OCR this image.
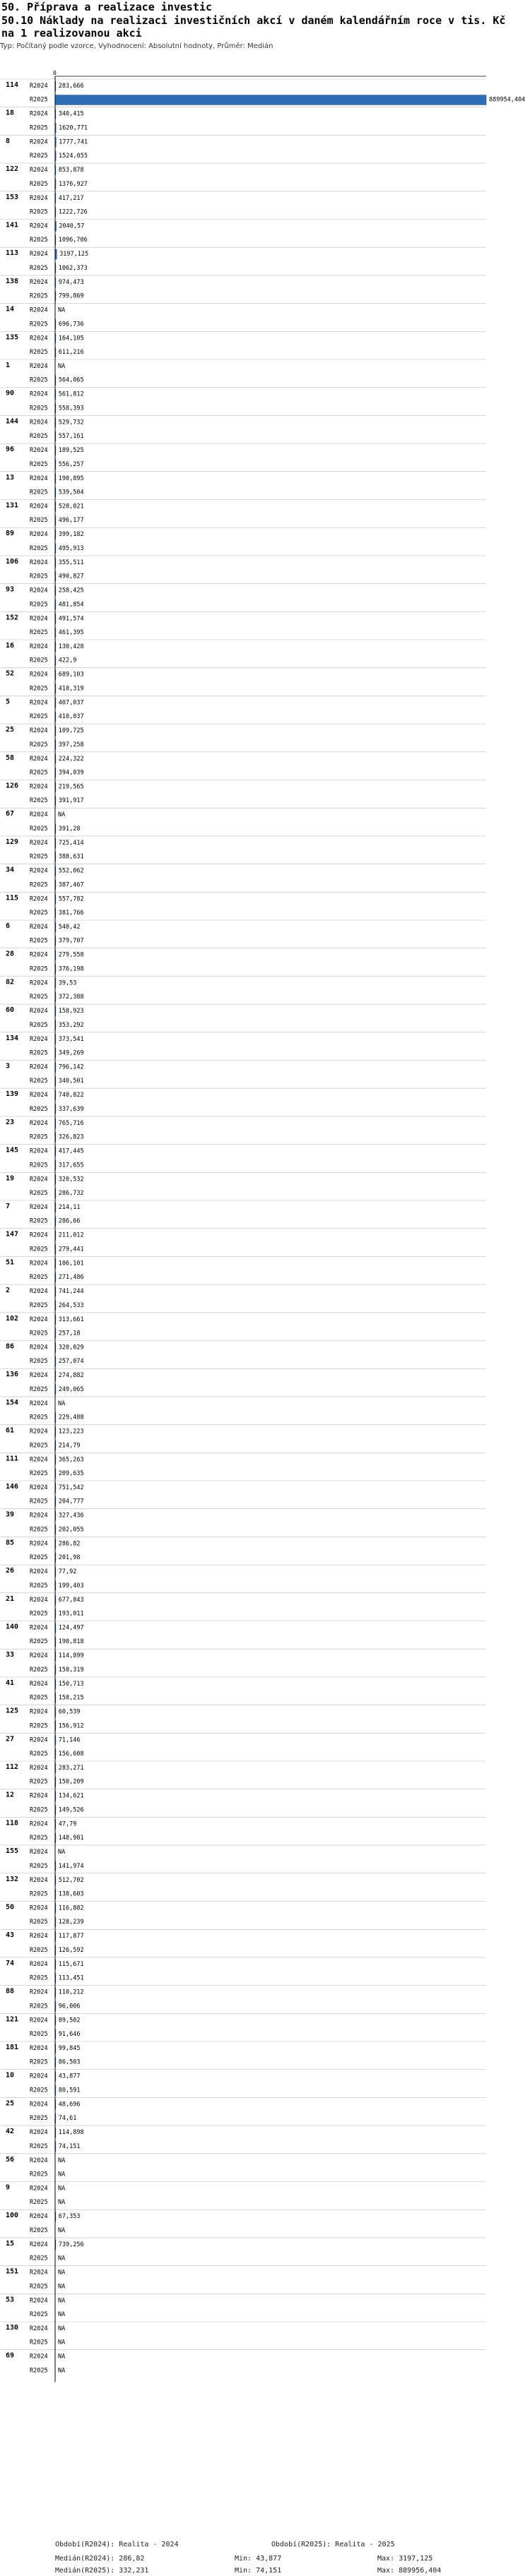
50. Příprava a realizace investic
50.10 Náklady na realizaci investičních akcí v daném kalendářním roce v tis. Kč na 1 realizovanou akci
Typ: Počítaný podle vzorce, Vyhodnocení: Absolutní hodnoty, Průměr: Medián
0
114 R2024 283,666
R2025	889954,404
18	R2024 340,415
R2025 1620,771
8	R2024 1777,741
R2025 1524,055
122 R2024 853,878
R2025 1376,927
153 R2024 417,217
R2025 1222,726
141 R2024 2040,57
R2025 1096,706
113 R2024 3197,125
R2025 1062,373
138 R2024 974,473
R2025 799,869
14	R2024 NA
R2025 696,736
135 R2024 164,105
R2025 611,216
1	R2024 NA
R2025 564,065
90	R2024 561,812
R2025 558,393
144 R2024 529,732
R2025 557,161
96	R2024 189,525
R2025 556,257
13	R2024 190,895
R2025 539,504
131 R2024 528,021
R2025 496,177
89	R2024 399,182
R2025 495,913
106 R2024 355,511
R2025 490,827
93	R2024 258,425
R2025 481,854
152 R2024 491,574
R2025 461,395
16	R2024 130,428
R2025 422,9
52	R2024 689,103
R2025 410,319
5	R2024 407,037
R2025 410,037
25	R2024 109,725
R2025 397,258
58	R2024 224,322
R2025 394,039
126 R2024 219,565
R2025 391,917
67	R2024 NA
R2025 391,28
129 R2024 725,414
R2025 388,631
34	R2024 552,062
R2025 387,467
115 R2024 557,782
R2025 381,766
6	R2024 540,42
R2025 379,707
28	R2024 279,558
R2025 376,198
82	R2024 39,53
R2025 372,388
60	R2024 158,923
R2025 353,292
134 R2024 373,541
R2025 349,269
3	R2024 796,142
R2025 340,501
139 R2024 740,822
R2025 337,639
23	R2024 765,716
R2025 326,823
145 R2024 417,445
R2025 317,655
19	R2024 320,532
R2025 286,732
7	R2024 214,11
R2025 286,66
147 R2024 211,012
R2025 279,441
51	R2024 106,101
R2025 271,486
2	R2024 741,244
R2025 264,533
102 R2024 313,661
R2025 257,18
86	R2024 320,029
R2025 257,074
136 R2024 274,882
R2025 249,065
154 R2024 NA
R2025 229,488
61	R2024 123,223
R2025 214,79
111 R2024 365,263
R2025 209,635
146 R2024 751,542
R2025 204,777
39	R2024 327,436
R2025 202,055
85	R2024 286,82
R2025 201,98
26	R2024 77,92
R2025 199,403
21	R2024 677,843
R2025 193,011
140 R2024 124,497
R2025 190,818
33	R2024 114,899
R2025 158,319
41	R2024 150,713
R2025 158,215
125 R2024 60,539
R2025 156,912
27	R2024 71,146
R2025 156,608
112 R2024 283,271
R2025 150,209
12	R2024 134,621
R2025 149,526
118 R2024 47,79
R2025 148,981
155 R2024 NA
R2025 141,974
132 R2024 512,702
R2025 138,603
50	R2024 116,882
R2025 128,239
43	R2024 117,877
R2025 126,592
74	R2024 115,671
R2025 113,451
88	R2024 110,212
R2025 96,006
121 R2024 89,502
R2025 91,646
181 R2024 99,845
R2025 86,503
10	R2024 43,877
R2025 80,591
25	R2024 48,696
R2025 74,61
42	R2024 114,898
R2025 74,151
56	R2024 NA
R2025 NA
9	R2024 NA
R2025 NA
100 R2024 67,353
R2025 NA
15	R2024 739,256
R2025 NA
151 R2024 NA
R2025 NA
53	R2024 NA
R2025 NA
130 R2024 NA
R2025 NA
69	R2024 NA
R2025 NA
Období(R2024): Realita - 2024	Období(R2025): Realita - 2025
Medián(R2024): 286,82	Min: 43,877	Max: 3197,125
Medián(R2025): 332,231	Min: 74,151	Max: 889956,404
